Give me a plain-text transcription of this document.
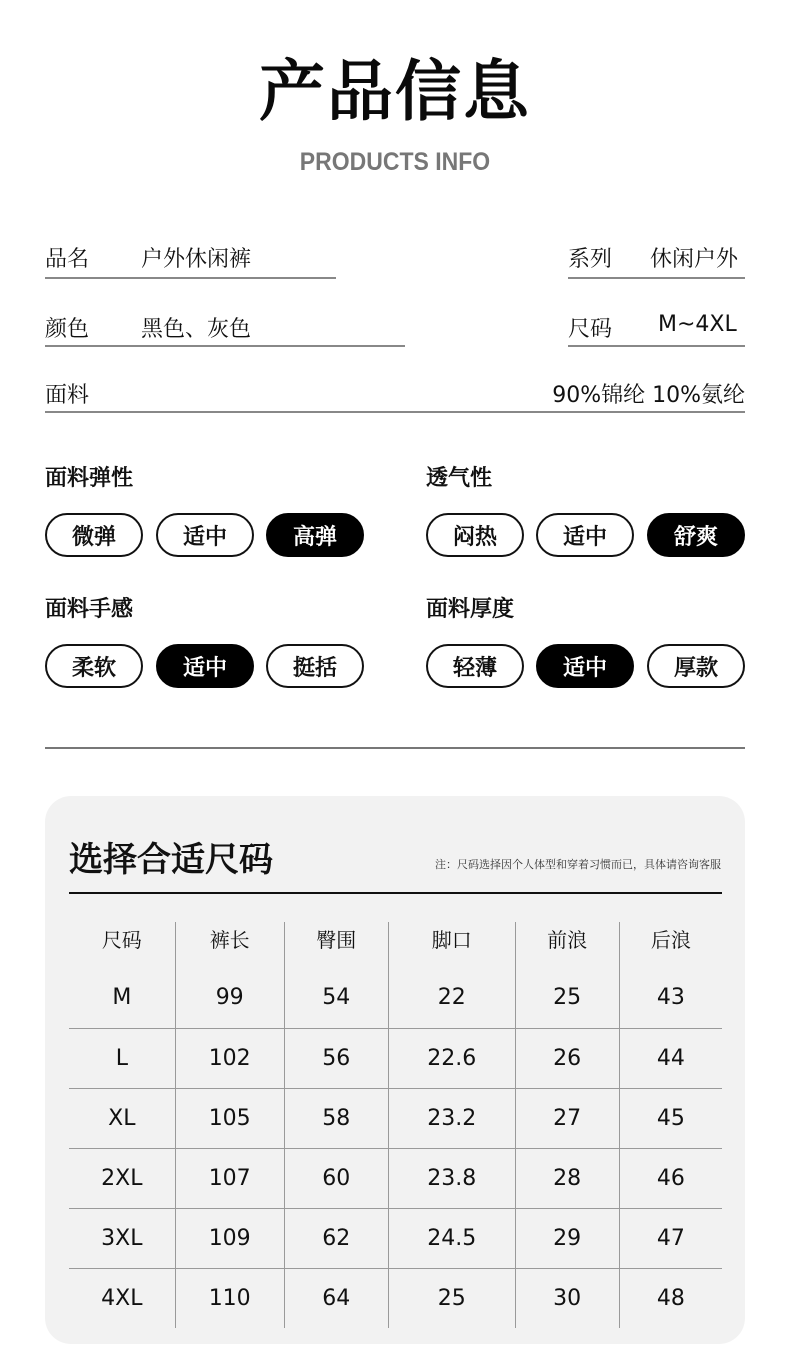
产品信息
PRODUCTS INFO
品名 户外休闲裤	系列 休闲户外
颜色 黑色、灰色	尺码 M~4XL
面料	90%锦纶 10%氨纶
面料弹性
微弹	适中	高弹
透气性
闷热	适中	舒爽
面料手感
柔软	适中	挺括
面料厚度
轻薄	适中	厚款
选择合适尺码	注：尺码选择因个人体型和穿着习惯而已，具体请咨询客服
尺码	裤长	臀围	脚口	前浪	后浪
M	99	54	22	25	43
L	102	56	22.6	26	44
XL	105	58	23.2	27	45
2XL	107	60	23.8	28	46
3XL	109	62	24.5	29	47
4XL	110	64	25	30	48
